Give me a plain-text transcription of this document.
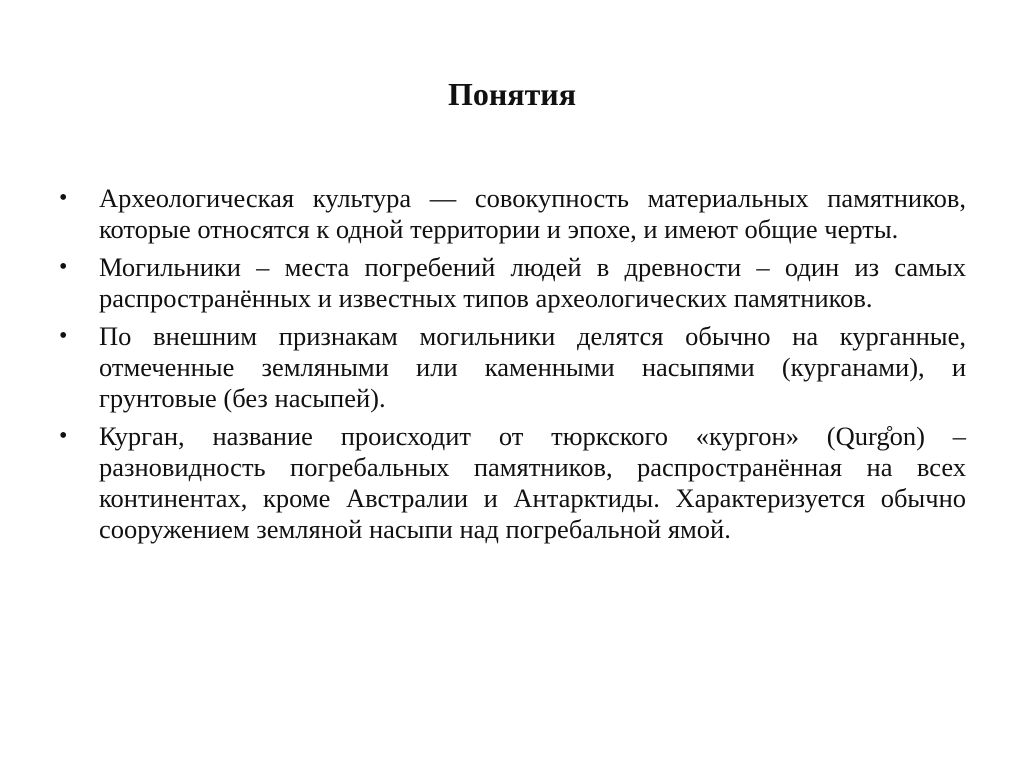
Понятия
•	Археологическая культура — совокупность материальных памятников, которые относятся к одной территории и эпохе, и имеют общие черты.
•	Могильники – места погребений людей в древности – один из самых распространённых и известных типов археологических памятников.
•	По внешним признакам могильники делятся обычно на курганные, отмеченные земляными или каменными насыпями (курганами), и грунтовые (без насыпей).
•	Курган, название происходит от тюркского «кургон» (Qurg̊on) – разновидность погребальных памятников, распространённая на всех континентах, кроме Австралии и Антарктиды. Характеризуется обычно сооружением земляной насыпи над погребальной ямой.
